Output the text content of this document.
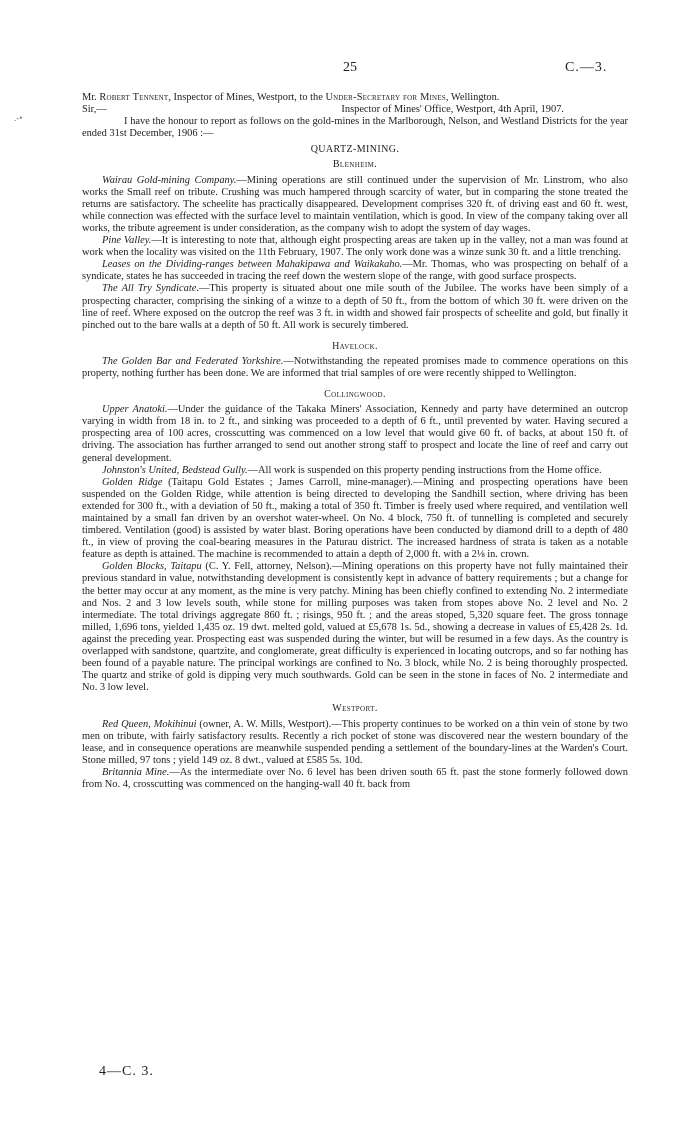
25	C.—3.
.-•

Mr. Robert Tennent, Inspector of Mines, Westport, to the Under-Secretary for Mines, Wellington.

Sir,—	Inspector of Mines' Office, Westport, 4th April, 1907.

I have the honour to report as follows on the gold-mines in the Marlborough, Nelson, and Westland Districts for the year ended 31st December, 1906 :—

QUARTZ-MINING.
Blenheim.

Wairau Gold-mining Company.—Mining operations are still continued under the supervision of Mr. Linstrom, who also works the Small reef on tribute. Crushing was much hampered through scarcity of water, but in comparing the stone treated the returns are satisfactory. The scheelite has practically disappeared. Development comprises 320 ft. of driving east and 60 ft. west, while connection was effected with the surface level to maintain ventilation, which is good. In view of the company taking over all works, the tribute agreement is under consideration, as the company wish to adopt the system of day wages.

Pine Valley.—It is interesting to note that, although eight prospecting areas are taken up in the valley, not a man was found at work when the locality was visited on the 11th February, 1907. The only work done was a winze sunk 30 ft. and a little trenching.

Leases on the Dividing-ranges between Mahakipawa and Waikakaho.—Mr. Thomas, who was prospecting on behalf of a syndicate, states he has succeeded in tracing the reef down the western slope of the range, with good surface prospects.

The All Try Syndicate.—This property is situated about one mile south of the Jubilee. The works have been simply of a prospecting character, comprising the sinking of a winze to a depth of 50 ft., from the bottom of which 30 ft. were driven on the line of reef. Where exposed on the outcrop the reef was 3 ft. in width and showed fair prospects of scheelite and gold, but finally it pinched out to the bare walls at a depth of 50 ft. All work is securely timbered.

Havelock.

The Golden Bar and Federated Yorkshire.—Notwithstanding the repeated promises made to commence operations on this property, nothing further has been done. We are informed that trial samples of ore were recently shipped to Wellington.

Collingwood.

Upper Anatoki.—Under the guidance of the Takaka Miners' Association, Kennedy and party have determined an outcrop varying in width from 18 in. to 2 ft., and sinking was proceeded to a depth of 6 ft., until prevented by water. Having secured a prospecting area of 100 acres, crosscutting was commenced on a low level that would give 60 ft. of backs, at about 150 ft. of driving. The association has further arranged to send out another strong staff to prospect and locate the line of reef and carry out general development.

Johnston's United, Bedstead Gully.—All work is suspended on this property pending instructions from the Home office.

Golden Ridge (Taitapu Gold Estates ; James Carroll, mine-manager).—Mining and prospecting operations have been suspended on the Golden Ridge, while attention is being directed to developing the Sandhill section, where driving has been extended for 300 ft., with a deviation of 50 ft., making a total of 350 ft. Timber is freely used where required, and ventilation well maintained by a small fan driven by an overshot water-wheel. On No. 4 block, 750 ft. of tunnelling is completed and securely timbered. Ventilation (good) is assisted by water blast. Boring operations have been conducted by diamond drill to a depth of 480 ft., in view of proving the coal-bearing measures in the Paturau district. The increased hardness of strata is taken as a notable feature as depth is attained. The machine is recommended to attain a depth of 2,000 ft. with a 2⅛ in. crown.

Golden Blocks, Taitapu (C. Y. Fell, attorney, Nelson).—Mining operations on this property have not fully maintained their previous standard in value, notwithstanding development is consistently kept in advance of battery requirements ; but a change for the better may occur at any moment, as the mine is very patchy. Mining has been chiefly confined to extending No. 2 intermediate and Nos. 2 and 3 low levels south, while stone for milling purposes was taken from stopes above No. 2 level and No. 2 intermediate. The total drivings aggregate 860 ft. ; risings, 950 ft. ; and the areas stoped, 5,320 square feet. The gross tonnage milled, 1,696 tons, yielded 1,435 oz. 19 dwt. melted gold, valued at £5,678 1s. 5d., showing a decrease in values of £5,428 2s. 1d. against the preceding year. Prospecting east was suspended during the winter, but will be resumed in a few days. As the country is overlapped with sandstone, quartzite, and conglomerate, great difficulty is experienced in locating outcrops, and so far nothing has been found of a payable nature. The principal workings are confined to No. 3 block, while No. 2 is being thoroughly prospected. The quartz and strike of gold is dipping very much southwards. Gold can be seen in the stone in faces of No. 2 intermediate and No. 3 low level.

Westport.

Red Queen, Mokihinui (owner, A. W. Mills, Westport).—This property continues to be worked on a thin vein of stone by two men on tribute, with fairly satisfactory results. Recently a rich pocket of stone was discovered near the western boundary of the lease, and in consequence operations are meanwhile suspended pending a settlement of the boundary-lines at the Warden's Court. Stone milled, 97 tons ; yield 149 oz. 8 dwt., valued at £585 5s. 10d.

Britannia Mine.—As the intermediate over No. 6 level has been driven south 65 ft. past the stone formerly followed down from No. 4, crosscutting was commenced on the hanging-wall 40 ft. back from

4—C. 3.
